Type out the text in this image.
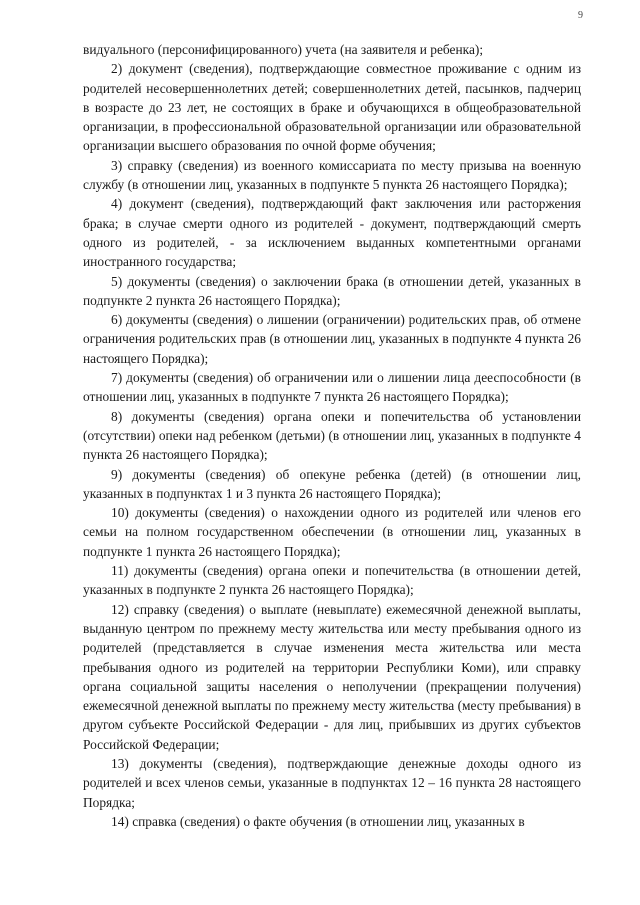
9

видуального (персонифицированного) учета (на заявителя и ребенка);

2) документ (сведения), подтверждающие совместное проживание с одним из родителей несовершеннолетних детей; совершеннолетних детей, пасынков, падчериц в возрасте до 23 лет, не состоящих в браке и обучающихся в общеобразовательной организации, в профессиональной образовательной организации или образовательной организации высшего образования по очной форме обучения;

3) справку (сведения) из военного комиссариата по месту призыва на военную службу (в отношении лиц, указанных в подпункте 5 пункта 26 настоящего Порядка);

4) документ (сведения), подтверждающий факт заключения или расторжения брака; в случае смерти одного из родителей - документ, подтверждающий смерть одного из родителей, - за исключением выданных компетентными органами иностранного государства;

5) документы (сведения) о заключении брака (в отношении детей, указанных в подпункте 2 пункта 26 настоящего Порядка);

6) документы (сведения) о лишении (ограничении) родительских прав, об отмене ограничения родительских прав (в отношении лиц, указанных в подпункте 4 пункта 26 настоящего Порядка);

7) документы (сведения) об ограничении или о лишении лица дееспособности (в отношении лиц, указанных в подпункте 7 пункта 26 настоящего Порядка);

8) документы (сведения) органа опеки и попечительства об установлении (отсутствии) опеки над ребенком (детьми) (в отношении лиц, указанных в подпункте 4 пункта 26 настоящего Порядка);

9) документы (сведения) об опекуне ребенка (детей) (в отношении лиц, указанных в подпунктах 1 и 3 пункта 26 настоящего Порядка);

10) документы (сведения) о нахождении одного из родителей или членов его семьи на полном государственном обеспечении (в отношении лиц, указанных в подпункте 1 пункта 26 настоящего Порядка);

11) документы (сведения) органа опеки и попечительства (в отношении детей, указанных в подпункте 2 пункта 26 настоящего Порядка);

12) справку (сведения) о выплате (невыплате) ежемесячной денежной выплаты, выданную центром по прежнему месту жительства или месту пребывания одного из родителей (представляется в случае изменения места жительства или места пребывания одного из родителей на территории Республики Коми), или справку органа социальной защиты населения о неполучении (прекращении получения) ежемесячной денежной выплаты по прежнему месту жительства (месту пребывания) в другом субъекте Российской Федерации - для лиц, прибывших из других субъектов Российской Федерации;

13) документы (сведения), подтверждающие денежные доходы одного из родителей и всех членов семьи, указанные в подпунктах 12 – 16 пункта 28 настоящего Порядка;

14) справка (сведения) о факте обучения (в отношении лиц, указанных в
